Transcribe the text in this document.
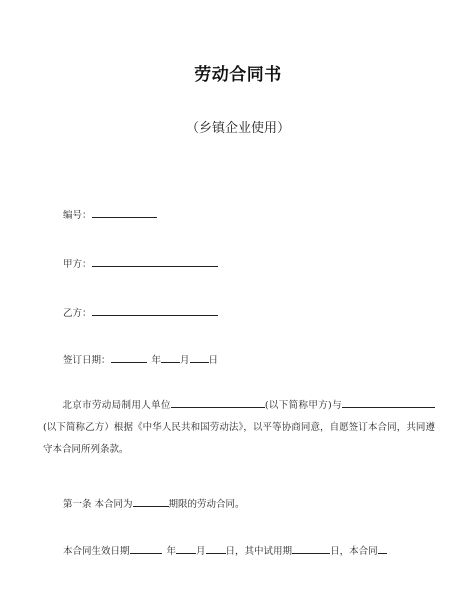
劳动合同书
（乡镇企业使用）
编号：
甲方：
乙方：
签订日期：	年 月 日
北京市劳动局制用人单位	(以下简称甲方)与(以下简称乙方）根据《中华人民共和国劳动法》，以平等协商同意，自愿签订本合同，共同遵守本合同所列条款。
第一条 本合同为	期限的劳动合同。
本合同生效日期	年 月 日，其中试用期	日，本合同
